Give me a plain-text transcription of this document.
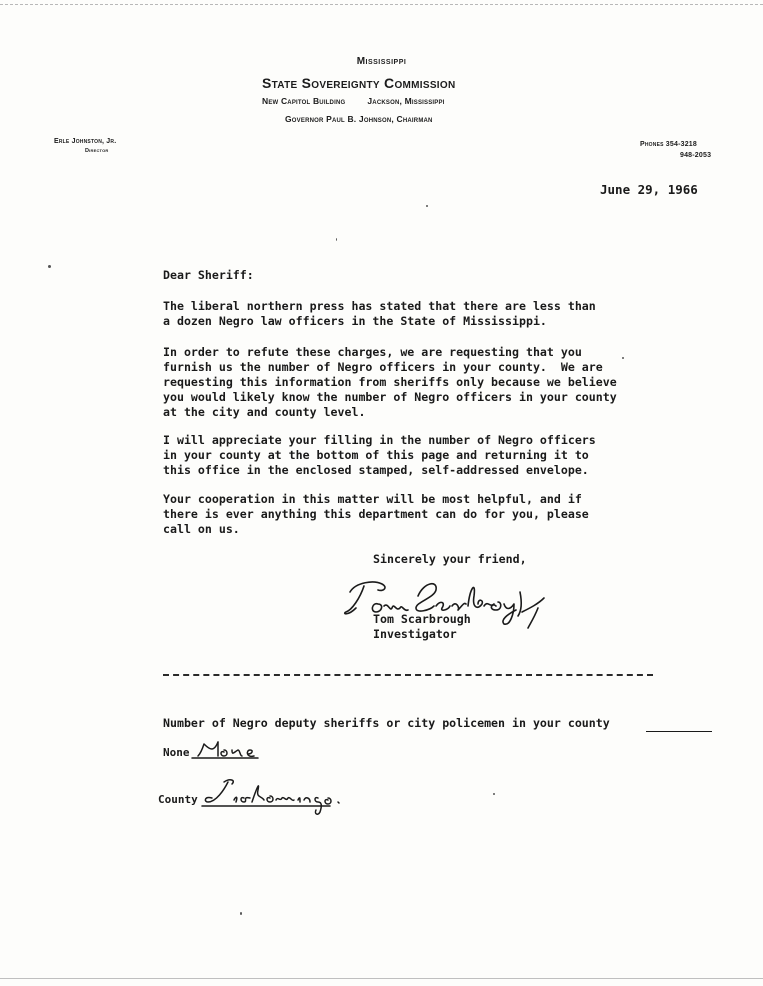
Mississippi
State Sovereignty Commission
New Capitol Building	Jackson, Mississippi
Governor Paul B. Johnson, Chairman
Erle Johnston, Jr.
Director
Phones 354-3218
948-2053
June 29, 1966
Dear Sheriff:
The liberal northern press has stated that there are less than
a dozen Negro law officers in the State of Mississippi.
In order to refute these charges, we are requesting that you
furnish us the number of Negro officers in your county.  We are
requesting this information from sheriffs only because we believe
you would likely know the number of Negro officers in your county
at the city and county level.
I will appreciate your filling in the number of Negro officers
in your county at the bottom of this page and returning it to
this office in the enclosed stamped, self-addressed envelope.
Your cooperation in this matter will be most helpful, and if
there is ever anything this department can do for you, please
call on us.
Sincerely your friend,
Tom Scarbrough
Investigator
Number of Negro deputy sheriffs or city policemen in your county
None
County
